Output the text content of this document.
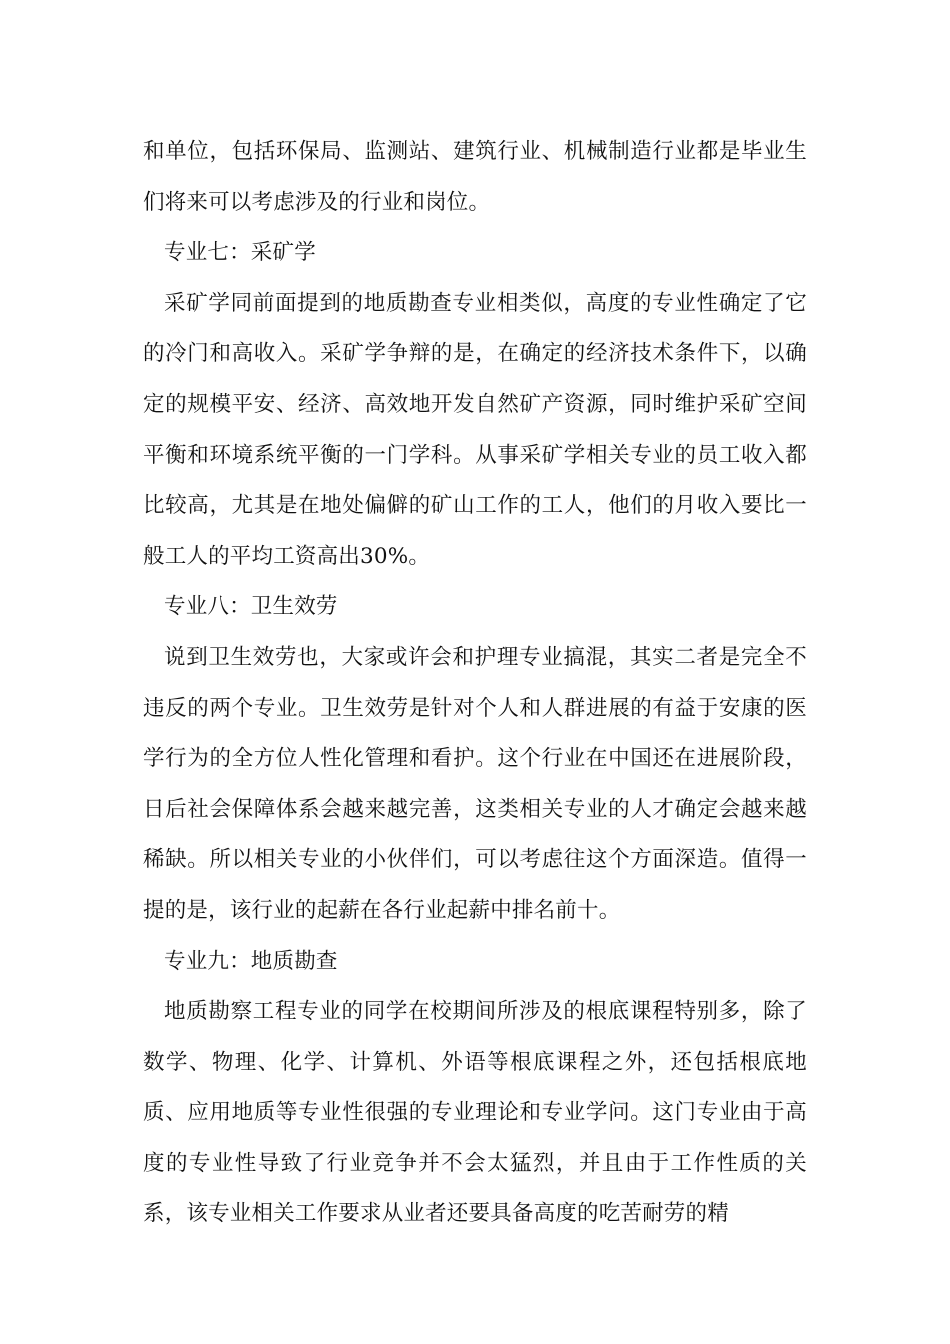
和单位，包括环保局、监测站、建筑行业、机械制造行业都是毕业生们将来可以考虑涉及的行业和岗位。

专业七：采矿学

采矿学同前面提到的地质勘查专业相类似，高度的专业性确定了它的冷门和高收入。采矿学争辩的是，在确定的经济技术条件下，以确定的规模平安、经济、高效地开发自然矿产资源，同时维护采矿空间平衡和环境系统平衡的一门学科。从事采矿学相关专业的员工收入都比较高，尤其是在地处偏僻的矿山工作的工人，他们的月收入要比一般工人的平均工资高出30%。

专业八：卫生效劳

说到卫生效劳也，大家或许会和护理专业搞混，其实二者是完全不违反的两个专业。卫生效劳是针对个人和人群进展的有益于安康的医学行为的全方位人性化管理和看护。这个行业在中国还在进展阶段，日后社会保障体系会越来越完善，这类相关专业的人才确定会越来越稀缺。所以相关专业的小伙伴们，可以考虑往这个方面深造。值得一提的是，该行业的起薪在各行业起薪中排名前十。

专业九：地质勘查

地质勘察工程专业的同学在校期间所涉及的根底课程特别多，除了数学、物理、化学、计算机、外语等根底课程之外，还包括根底地质、应用地质等专业性很强的专业理论和专业学问。这门专业由于高度的专业性导致了行业竞争并不会太猛烈，并且由于工作性质的关系，该专业相关工作要求从业者还要具备高度的吃苦耐劳的精
